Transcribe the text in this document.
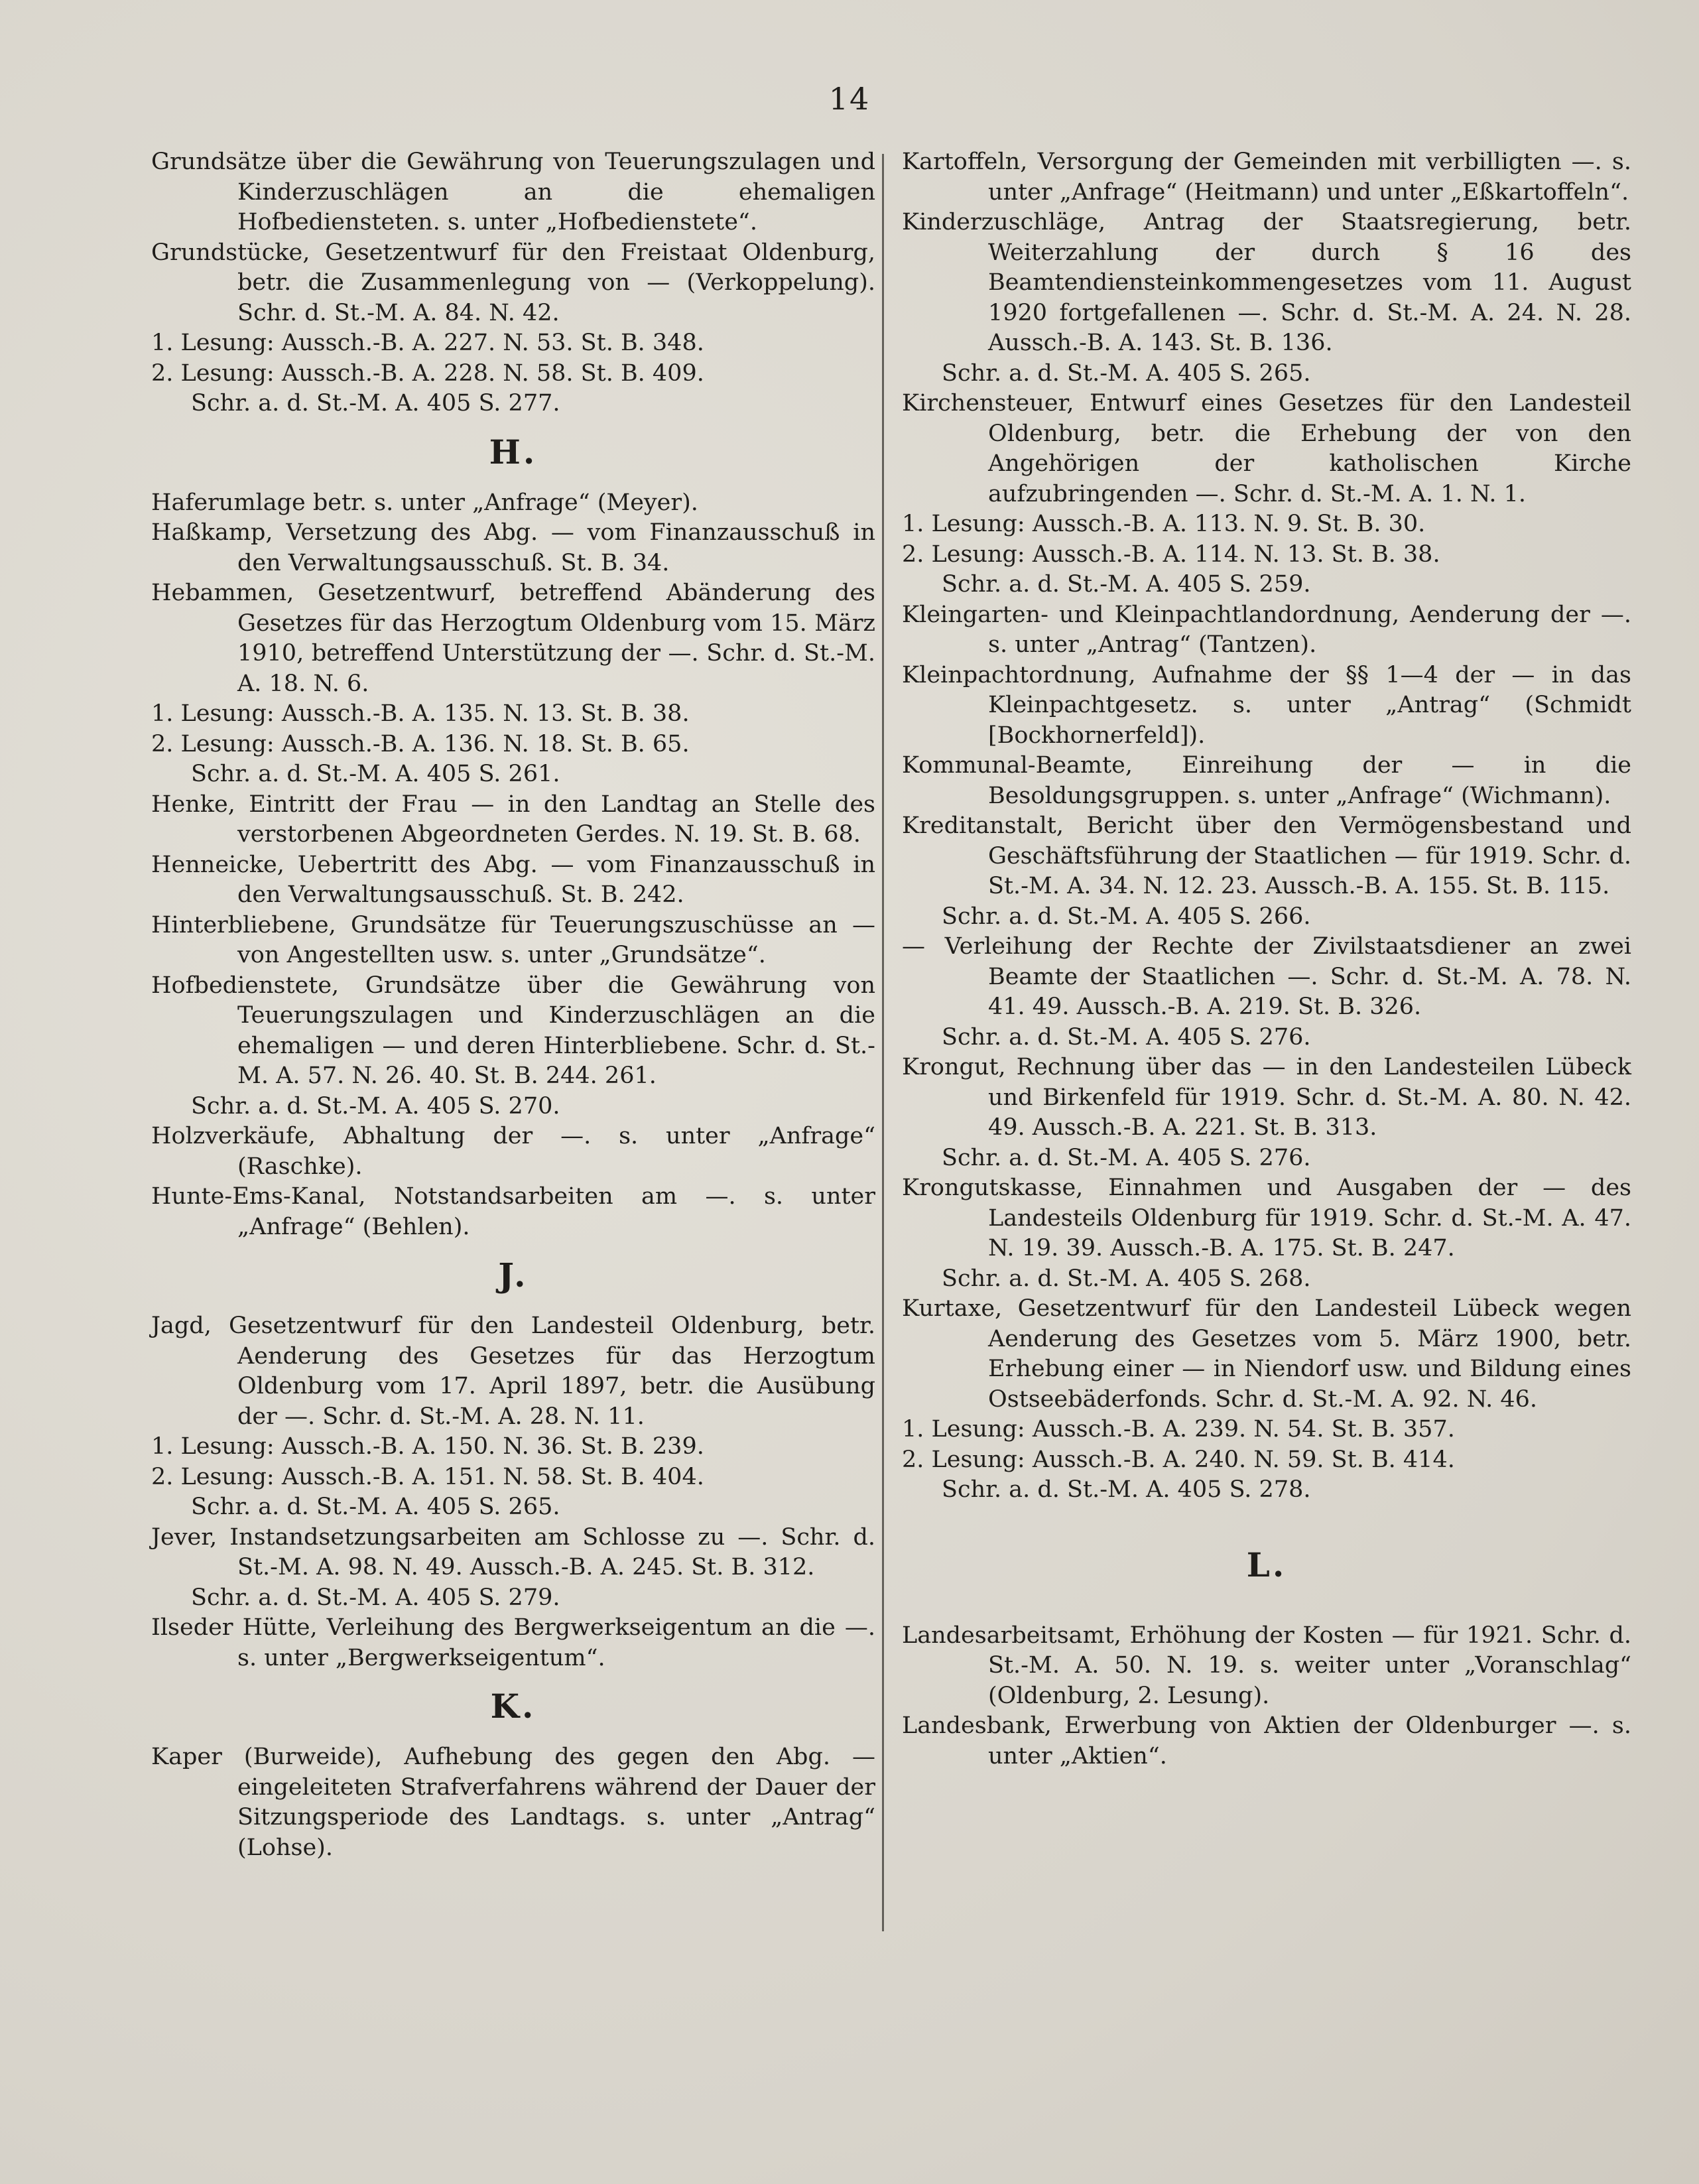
14
Grundsätze über die Gewährung von Teuerungszulagen und Kinderzuschlägen an die ehemaligen Hofbediensteten. s. unter „Hofbedienstete“.
Grundstücke, Gesetzentwurf für den Freistaat Oldenburg, betr. die Zusammenlegung von — (Verkoppelung). Schr. d. St.-M. A. 84. N. 42.
1. Lesung: Aussch.-B. A. 227. N. 53. St. B. 348.
2. Lesung: Aussch.-B. A. 228. N. 58. St. B. 409.
Schr. a. d. St.-M. A. 405 S. 277.
H.
Haferumlage betr. s. unter „Anfrage“ (Meyer).
Haßkamp, Versetzung des Abg. — vom Finanzausschuß in den Verwaltungsausschuß. St. B. 34.
Hebammen, Gesetzentwurf, betreffend Abänderung des Gesetzes für das Herzogtum Oldenburg vom 15. März 1910, betreffend Unterstützung der —. Schr. d. St.-M. A. 18. N. 6.
1. Lesung: Aussch.-B. A. 135. N. 13. St. B. 38.
2. Lesung: Aussch.-B. A. 136. N. 18. St. B. 65.
Schr. a. d. St.-M. A. 405 S. 261.
Henke, Eintritt der Frau — in den Landtag an Stelle des verstorbenen Abgeordneten Gerdes. N. 19. St. B. 68.
Henneicke, Uebertritt des Abg. — vom Finanzausschuß in den Verwaltungsausschuß. St. B. 242.
Hinterbliebene, Grundsätze für Teuerungszuschüsse an — von Angestellten usw. s. unter „Grundsätze“.
Hofbedienstete, Grundsätze über die Gewährung von Teuerungszulagen und Kinderzuschlägen an die ehemaligen — und deren Hinterbliebene. Schr. d. St.-M. A. 57. N. 26. 40. St. B. 244. 261.
Schr. a. d. St.-M. A. 405 S. 270.
Holzverkäufe, Abhaltung der —. s. unter „Anfrage“ (Raschke).
Hunte-Ems-Kanal, Notstandsarbeiten am —. s. unter „Anfrage“ (Behlen).
J.
Jagd, Gesetzentwurf für den Landesteil Oldenburg, betr. Aenderung des Gesetzes für das Herzogtum Oldenburg vom 17. April 1897, betr. die Ausübung der —. Schr. d. St.-M. A. 28. N. 11.
1. Lesung: Aussch.-B. A. 150. N. 36. St. B. 239.
2. Lesung: Aussch.-B. A. 151. N. 58. St. B. 404.
Schr. a. d. St.-M. A. 405 S. 265.
Jever, Instandsetzungsarbeiten am Schlosse zu —. Schr. d. St.-M. A. 98. N. 49. Aussch.-B. A. 245. St. B. 312.
Schr. a. d. St.-M. A. 405 S. 279.
Ilseder Hütte, Verleihung des Bergwerkseigentum an die —. s. unter „Bergwerkseigentum“.
K.
Kaper (Burweide), Aufhebung des gegen den Abg. — eingeleiteten Strafverfahrens während der Dauer der Sitzungsperiode des Landtags. s. unter „Antrag“ (Lohse).
Kartoffeln, Versorgung der Gemeinden mit verbilligten —. s. unter „Anfrage“ (Heitmann) und unter „Eßkartoffeln“.
Kinderzuschläge, Antrag der Staatsregierung, betr. Weiterzahlung der durch § 16 des Beamtendiensteinkommengesetzes vom 11. August 1920 fortgefallenen —. Schr. d. St.-M. A. 24. N. 28. Aussch.-B. A. 143. St. B. 136.
Schr. a. d. St.-M. A. 405 S. 265.
Kirchensteuer, Entwurf eines Gesetzes für den Landesteil Oldenburg, betr. die Erhebung der von den Angehörigen der katholischen Kirche aufzubringenden —. Schr. d. St.-M. A. 1. N. 1.
1. Lesung: Aussch.-B. A. 113. N. 9. St. B. 30.
2. Lesung: Aussch.-B. A. 114. N. 13. St. B. 38.
Schr. a. d. St.-M. A. 405 S. 259.
Kleingarten- und Kleinpachtlandordnung, Aenderung der —. s. unter „Antrag“ (Tantzen).
Kleinpachtordnung, Aufnahme der §§ 1—4 der — in das Kleinpachtgesetz. s. unter „Antrag“ (Schmidt [Bockhornerfeld]).
Kommunal-Beamte, Einreihung der — in die Besoldungsgruppen. s. unter „Anfrage“ (Wichmann).
Kreditanstalt, Bericht über den Vermögensbestand und Geschäftsführung der Staatlichen — für 1919. Schr. d. St.-M. A. 34. N. 12. 23. Aussch.-B. A. 155. St. B. 115.
Schr. a. d. St.-M. A. 405 S. 266.
— Verleihung der Rechte der Zivilstaatsdiener an zwei Beamte der Staatlichen —. Schr. d. St.-M. A. 78. N. 41. 49. Aussch.-B. A. 219. St. B. 326.
Schr. a. d. St.-M. A. 405 S. 276.
Krongut, Rechnung über das — in den Landesteilen Lübeck und Birkenfeld für 1919. Schr. d. St.-M. A. 80. N. 42. 49. Aussch.-B. A. 221. St. B. 313.
Schr. a. d. St.-M. A. 405 S. 276.
Krongutskasse, Einnahmen und Ausgaben der — des Landesteils Oldenburg für 1919. Schr. d. St.-M. A. 47. N. 19. 39. Aussch.-B. A. 175. St. B. 247.
Schr. a. d. St.-M. A. 405 S. 268.
Kurtaxe, Gesetzentwurf für den Landesteil Lübeck wegen Aenderung des Gesetzes vom 5. März 1900, betr. Erhebung einer — in Niendorf usw. und Bildung eines Ostseebäderfonds. Schr. d. St.-M. A. 92. N. 46.
1. Lesung: Aussch.-B. A. 239. N. 54. St. B. 357.
2. Lesung: Aussch.-B. A. 240. N. 59. St. B. 414.
Schr. a. d. St.-M. A. 405 S. 278.
L.
Landesarbeitsamt, Erhöhung der Kosten — für 1921. Schr. d. St.-M. A. 50. N. 19. s. weiter unter „Voranschlag“ (Oldenburg, 2. Lesung).
Landesbank, Erwerbung von Aktien der Oldenburger —. s. unter „Aktien“.
